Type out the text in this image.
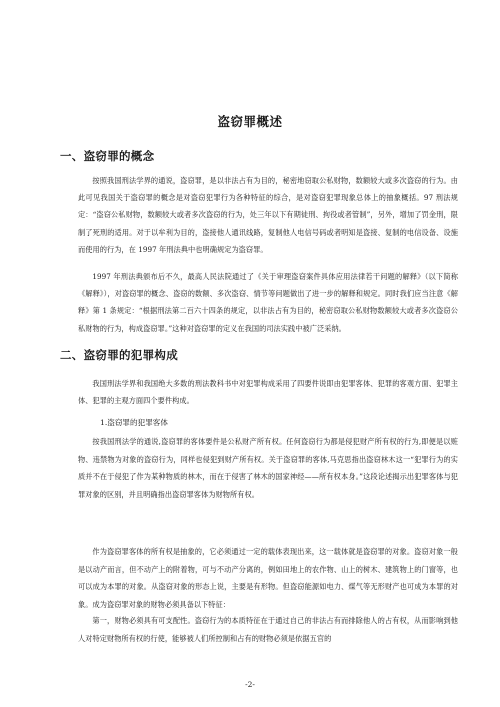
盗窃罪概述
一、盗窃罪的概念
按照我国刑法学界的通说，盗窃罪，是以非法占有为目的，秘密地窃取公私财物，数额较大或多次盗窃的行为。由此可见我国关于盗窃罪的概念是对盗窃犯罪行为各种特征的综合，是对盗窃犯罪现象总体上的抽象概括。97 刑法规定：“盗窃公私财物，数额较大或者多次盗窃的行为，处三年以下有期徒刑、拘役或者管制”，另外，增加了罚金刑，限制了死刑的适用。对于以牟利为目的，盗接他人通讯线路，复制他人电信号码或者明知是盗接、复制的电信设备、设施而使用的行为，在 1997 年刑法典中也明确规定为盗窃罪。
1997 年刑法典颁布后不久，最高人民法院通过了《关于审理盗窃案件具体应用法律若干问题的解释》（以下简称《解释》），对盗窃罪的概念、盗窃的数额、多次盗窃、情节等问题做出了进一步的解释和规定。同时我们应当注意《解释》第 1 条规定：“根据刑法第二百六十四条的规定，以非法占有为目的，秘密窃取公私财物数额较大或者多次盗窃公私财物的行为，构成盗窃罪。”这种对盗窃罪的定义在我国的司法实践中被广泛采纳。
二、盗窃罪的犯罪构成
我国刑法学界和我国绝大多数的刑法教科书中对犯罪构成采用了四要件说即由犯罪客体、犯罪的客观方面、犯罪主体、犯罪的主观方面四个要件构成。
1.盗窃罪的犯罪客体
按我国刑法学的通说,盗窃罪的客体要件是公私财产所有权。任何盗窃行为都是侵犯财产所有权的行为,即便是以赃物、违禁物为对象的盗窃行为，同样也侵犯到财产所有权。关于盗窃罪的客体,马克思指出盗窃林木这一“犯罪行为的实质并不在于侵犯了作为某种物质的林木，而在于侵害了林木的国家神经——所有权本身。”这段论述揭示出犯罪客体与犯罪对象的区别，并且明确指出盗窃罪客体为财物所有权。
作为盗窃罪客体的所有权是抽象的，它必须通过一定的载体表现出来，这一载体就是盗窃罪的对象。盗窃对象一般是以动产而言，但不动产上的附着物，可与不动产分离的，例如田地上的农作物、山上的树木、建筑物上的门窗等，也可以成为本罪的对象。从盗窃对象的形态上说，主要是有形物。但盗窃能源如电力、煤气等无形财产也可成为本罪的对象。成为盗窃罪对象的财物必须具备以下特征：
第一，财物必须具有可支配性。盗窃行为的本质特征在于通过自己的非法占有而排除他人的占有权，从而影响到他人对特定财物所有权的行使，能够被人们所控制和占有的财物必须是依据五官的
-2-
